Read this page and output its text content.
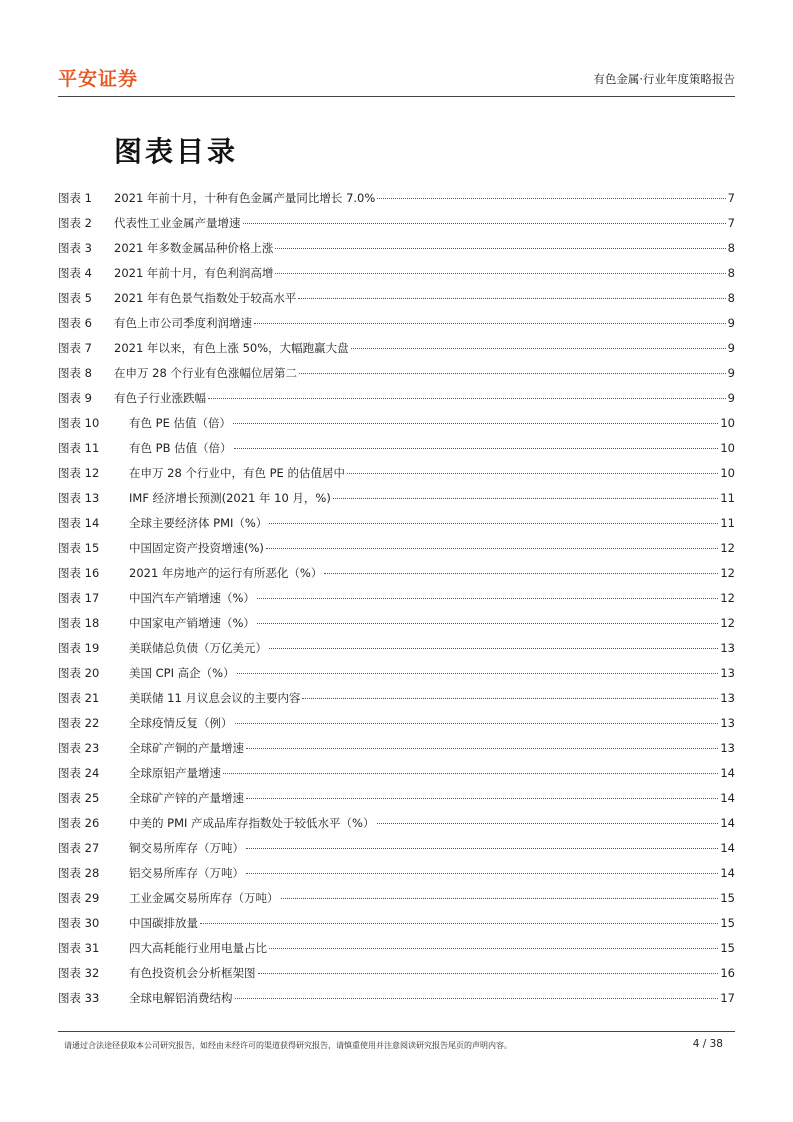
平安证券	有色金属·行业年度策略报告
图表目录
图表 1	2021 年前十月，十种有色金属产量同比增长 7.0%	7
图表 2	代表性工业金属产量增速	7
图表 3	2021 年多数金属品种价格上涨	8
图表 4	2021 年前十月，有色利润高增	8
图表 5	2021 年有色景气指数处于较高水平	8
图表 6	有色上市公司季度利润增速	9
图表 7	2021 年以来，有色上涨 50%，大幅跑赢大盘	9
图表 8	在申万 28 个行业有色涨幅位居第二	9
图表 9	有色子行业涨跌幅	9
图表 10	有色 PE 估值（倍）	10
图表 11	有色 PB 估值（倍）	10
图表 12	在申万 28 个行业中，有色 PE 的估值居中	10
图表 13	IMF 经济增长预测(2021 年 10 月，%)	11
图表 14	全球主要经济体 PMI（%）	11
图表 15	中国固定资产投资增速(%)	12
图表 16	2021 年房地产的运行有所恶化（%）	12
图表 17	中国汽车产销增速（%）	12
图表 18	中国家电产销增速（%）	12
图表 19	美联储总负债（万亿美元）	13
图表 20	美国 CPI 高企（%）	13
图表 21	美联储 11 月议息会议的主要内容	13
图表 22	全球疫情反复（例）	13
图表 23	全球矿产铜的产量增速	13
图表 24	全球原铝产量增速	14
图表 25	全球矿产锌的产量增速	14
图表 26	中美的 PMI 产成品库存指数处于较低水平（%）	14
图表 27	铜交易所库存（万吨）	14
图表 28	铝交易所库存（万吨）	14
图表 29	工业金属交易所库存（万吨）	15
图表 30	中国碳排放量	15
图表 31	四大高耗能行业用电量占比	15
图表 32	有色投资机会分析框架图	16
图表 33	全球电解铝消费结构	17
请通过合法途径获取本公司研究报告，如经由未经许可的渠道获得研究报告，请慎重使用并注意阅读研究报告尾页的声明内容。	4 / 38
